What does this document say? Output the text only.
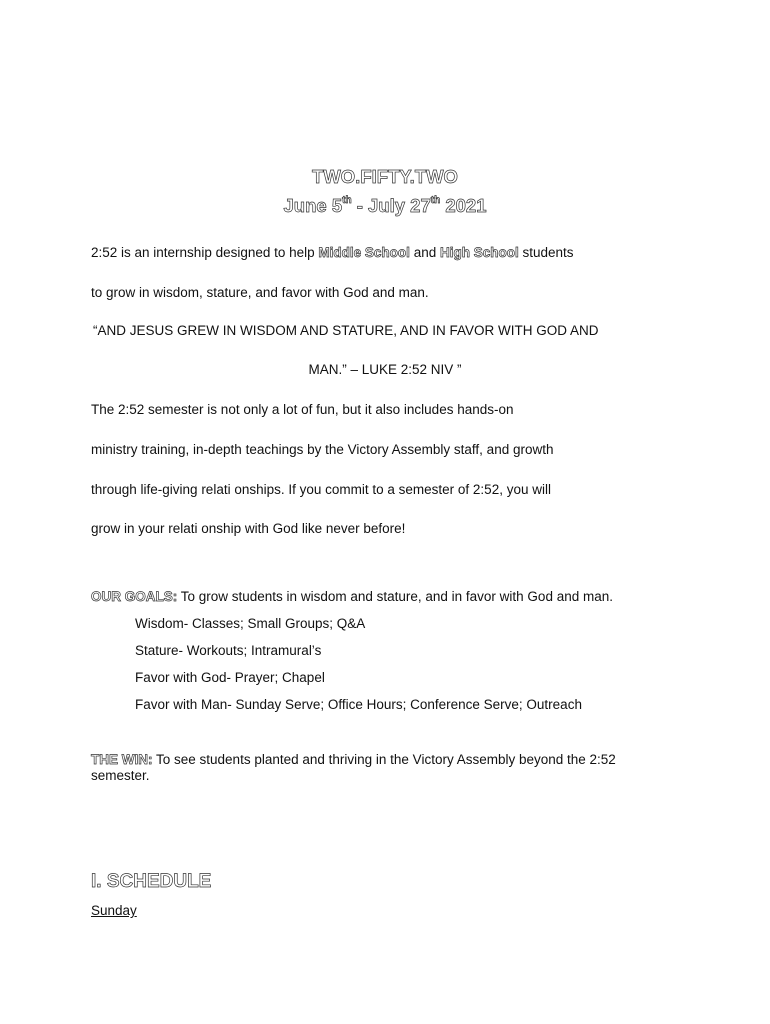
TWO.FIFTY.TWO
June 5th - July 27th 2021
2:52 is an internship designed to help Middle School and High School students
to grow in wisdom, stature, and favor with God and man.
“AND JESUS GREW IN WISDOM AND STATURE, AND IN FAVOR WITH GOD AND
MAN.” – LUKE 2:52 NIV ”
The 2:52 semester is not only a lot of fun, but it also includes hands-on
ministry training, in-depth teachings by the Victory Assembly staff, and growth
through life-giving relati onships. If you commit to a semester of 2:52, you will
grow in your relati onship with God like never before!
OUR GOALS: To grow students in wisdom and stature, and in favor with God and man.
Wisdom- Classes; Small Groups; Q&A
Stature- Workouts; Intramural’s
Favor with God- Prayer; Chapel
Favor with Man- Sunday Serve; Office Hours; Conference Serve; Outreach
THE WIN: To see students planted and thriving in the Victory Assembly beyond the 2:52
semester.
I. SCHEDULE
Sunday
